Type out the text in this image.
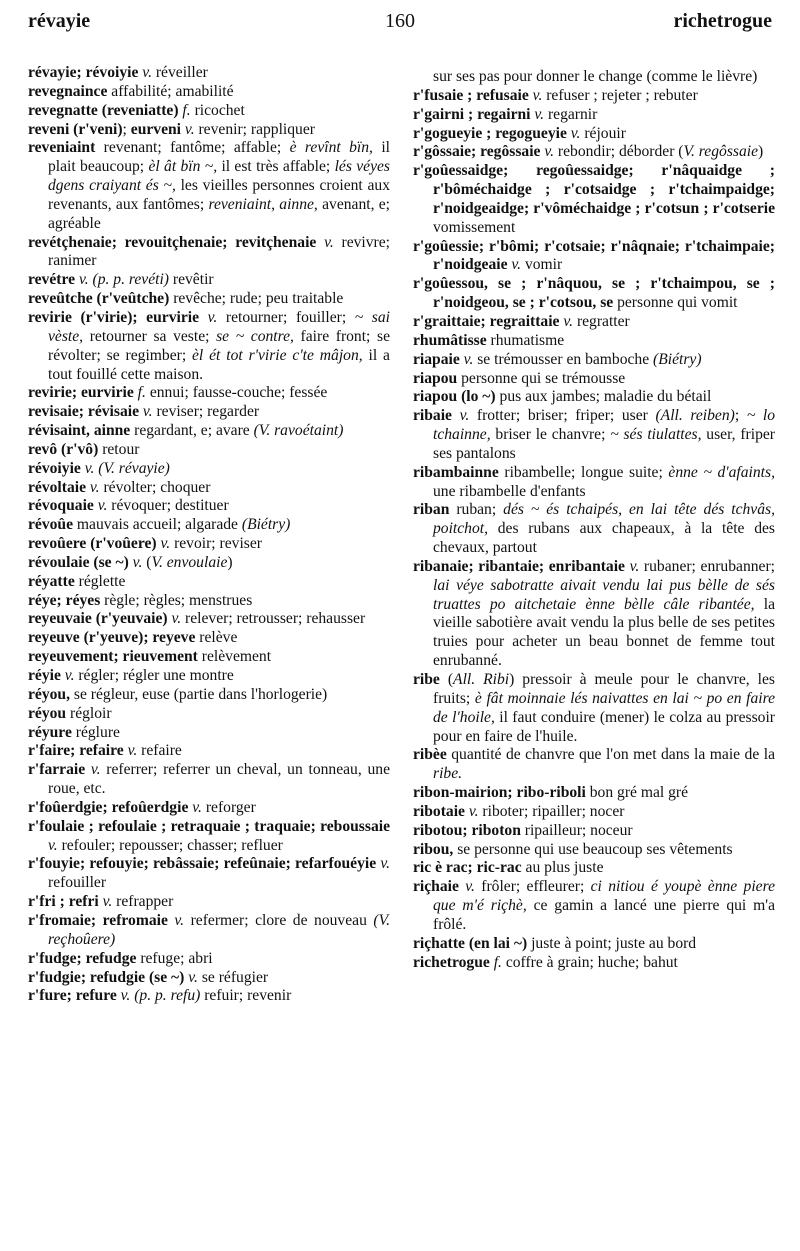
révayie	160	richetrogue

révayie; révoiyie v. réveiller

revegnaince affabilité; amabilité

revegnatte (reveniatte) f. ricochet

reveni (r'veni); eurveni v. revenir; rappliquer

reveniaint revenant; fantôme; affable; è revînt bïn, il plait beaucoup; èl ât bïn ~, il est très affable; lés véyes dgens craiyant és ~, les vieilles personnes croient aux revenants, aux fantômes; reveniaint, ainne, avenant, e; agréable

revétçhenaie; revouitçhenaie; revitçhenaie v. revivre; ranimer

revétre v. (p. p. revéti) revêtir

reveûtche (r'veûtche) revêche; rude; peu traitable

revirie (r'virie); eurvirie v. retourner; fouiller; ~ sai vèste, retourner sa veste; se ~ contre, faire front; se révolter; se regimber; èl ét tot r'virie c'te mâjon, il a tout fouillé cette maison.

revirie; eurvirie f. ennui; fausse-couche; fessée

revisaie; révisaie v. reviser; regarder

révisaint, ainne regardant, e; avare (V. ravoétaint)

revô (r'vô) retour

révoiyie v. (V. révayie)

révoltaie v. révolter; choquer

révoquaie v. révoquer; destituer

révoûe mauvais accueil; algarade (Biétry)

revoûere (r'voûere) v. revoir; reviser

révoulaie (se ~) v. (V. envoulaie)

réyatte réglette

réye; réyes règle; règles; menstrues

reyeuvaie (r'yeuvaie) v. relever; retrousser; rehausser

reyeuve (r'yeuve); reyeve relève

reyeuvement; rieuvement relèvement

réyie v. régler; régler une montre

réyou, se régleur, euse (partie dans l'horlogerie)

réyou régloir

réyure réglure

r'faire; refaire v. refaire

r'farraie v. referrer; referrer un cheval, un tonneau, une roue, etc.

r'foûerdgie; refoûerdgie v. reforger

r'foulaie ; refoulaie ; retraquaie ; traquaie; reboussaie v. refouler; repousser; chasser; refluer

r'fouyie; refouyie; rebâssaie; refeûnaie; refarfouéyie v. refouiller

r'fri ; refri v. refrapper

r'fromaie; refromaie v. refermer; clore de nouveau (V. reçhoûere)

r'fudge; refudge refuge; abri

r'fudgie; refudgie (se ~) v. se réfugier

r'fure; refure v. (p. p. refu) refuir; revenir

sur ses pas pour donner le change (comme le lièvre)

r'fusaie ; refusaie v. refuser ; rejeter ; rebuter

r'gairni ; regairni v. regarnir

r'gogueyie ; regogueyie v. réjouir

r'gôssaie; regôssaie v. rebondir; déborder (V. regôssaie)

r'goûessaidge; regoûessaidge; r'nâquaidge ; r'bôméchaidge ; r'cotsaidge ; r'tchaimpaidge; r'noidgeaidge; r'vôméchaidge ; r'cotsun ; r'cotserie vomissement

r'goûessie; r'bômi; r'cotsaie; r'nâqnaie; r'tchaimpaie; r'noidgeaie v. vomir

r'goûessou, se ; r'nâquou, se ; r'tchaimpou, se ; r'noidgeou, se ; r'cotsou, se personne qui vomit

r'graittaie; regraittaie v. regratter

rhumâtisse rhumatisme

riapaie v. se trémousser en bamboche (Biétry)

riapou personne qui se trémousse

riapou (lo ~) pus aux jambes; maladie du bétail

ribaie v. frotter; briser; friper; user (All. reiben); ~ lo tchainne, briser le chanvre; ~ sés tiulattes, user, friper ses pantalons

ribambainne ribambelle; longue suite; ènne ~ d'afaints, une ribambelle d'enfants

riban ruban; dés ~ és tchaipés, en lai tête dés tchvâs, poitchot, des rubans aux chapeaux, à la tête des chevaux, partout

ribanaie; ribantaie; enribantaie v. rubaner; enrubanner; lai véye sabotratte aivait vendu lai pus bèlle de sés truattes po aitchetaie ènne bèlle câle ribantée, la vieille sabotière avait vendu la plus belle de ses petites truies pour acheter un beau bonnet de femme tout enrubanné.

ribe (All. Ribi) pressoir à meule pour le chanvre, les fruits; è fât moinnaie lés naivattes en lai ~ po en faire de l'hoile, il faut conduire (mener) le colza au pressoir pour en faire de l'huile.

ribèe quantité de chanvre que l'on met dans la maie de la ribe.

ribon-mairion; ribo-riboli bon gré mal gré

ribotaie v. riboter; ripailler; nocer

ribotou; riboton ripailleur; noceur

ribou, se personne qui use beaucoup ses vêtements

ric è rac; ric-rac au plus juste

riçhaie v. frôler; effleurer; ci nitiou é youpè ènne piere que m'é riçhè, ce gamin a lancé une pierre qui m'a frôlé.

riçhatte (en lai ~) juste à point; juste au bord

richetrogue f. coffre à grain; huche; bahut
